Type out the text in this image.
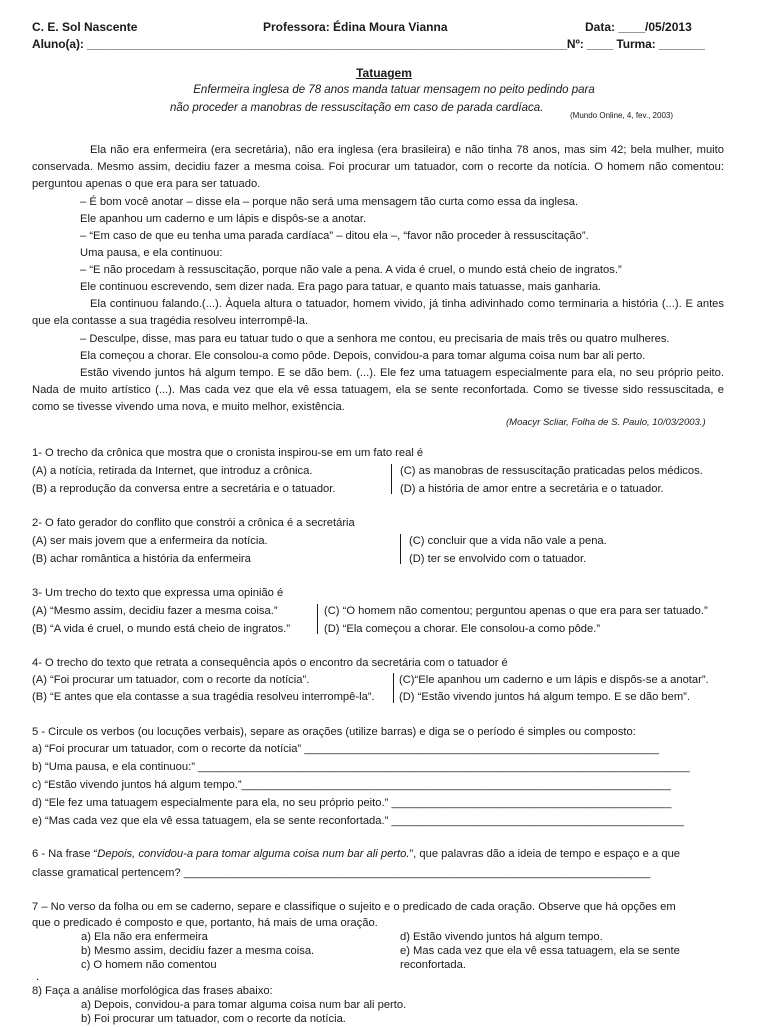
C. E. Sol Nascente	Professora: Édina Moura Vianna	Data: ____/05/2013
Aluno(a): _________________________________________________________________________Nº: ____ Turma: _______
Tatuagem
Enfermeira inglesa de 78 anos manda tatuar mensagem no peito pedindo para
não proceder a manobras de ressuscitação em caso de parada cardíaca.
(Mundo Online, 4, fev., 2003)
Ela não era enfermeira (era secretária), não era inglesa (era brasileira) e não tinha 78 anos, mas sim 42; bela mulher, muito conservada. Mesmo assim, decidiu fazer a mesma coisa. Foi procurar um tatuador, com o recorte da notícia. O homem não comentou: perguntou apenas o que era para ser tatuado.
– É bom você anotar – disse ela – porque não será uma mensagem tão curta como essa da inglesa.
Ele apanhou um caderno e um lápis e dispôs-se a anotar.
– “Em caso de que eu tenha uma parada cardíaca” – ditou ela –, “favor não proceder à ressuscitação”.
Uma pausa, e ela continuou:
– “E não procedam à ressuscitação, porque não vale a pena. A vida é cruel, o mundo está cheio de ingratos.”
Ele continuou escrevendo, sem dizer nada. Era pago para tatuar, e quanto mais tatuasse, mais ganharia.
Ela continuou falando.(...). Àquela altura o tatuador, homem vivido, já tinha adivinhado como terminaria a história (...). E antes que ela contasse a sua tragédia resolveu interrompê-la.
– Desculpe, disse, mas para eu tatuar tudo o que a senhora me contou, eu precisaria de mais três ou quatro mulheres.
Ela começou a chorar. Ele consolou-a como pôde. Depois, convidou-a para tomar alguma coisa num bar ali perto.
Estão vivendo juntos há algum tempo. E se dão bem. (...). Ele fez uma tatuagem especialmente para ela, no seu próprio peito. Nada de muito artístico (...). Mas cada vez que ela vê essa tatuagem, ela se sente reconfortada. Como se tivesse sido ressuscitada, e como se tivesse vivendo uma nova, e muito melhor, existência.
(Moacyr Scliar, Folha de S. Paulo, 10/03/2003.)
1- O trecho da crônica que mostra que o cronista inspirou-se em um fato real é
(A) a notícia, retirada da Internet, que introduz a crônica.
(B) a reprodução da conversa entre a secretária e o tatuador.
(C) as manobras de ressuscitação praticadas pelos médicos.
(D) a história de amor entre a secretária e o tatuador.
2- O fato gerador do conflito que constrói a crônica é a secretária
(A) ser mais jovem que a enfermeira da notícia.
(B) achar romântica a história da enfermeira
(C) concluir que a vida não vale a pena.
(D) ter se envolvido com o tatuador.
3- Um trecho do texto que expressa uma opinião é
(A) “Mesmo assim, decidiu fazer a mesma coisa.”
(B) “A vida é cruel, o mundo está cheio de ingratos.”
(C) “O homem não comentou; perguntou apenas o que era para ser tatuado.”
(D) “Ela começou a chorar. Ele consolou-a como pôde.”
4- O trecho do texto que retrata a consequência após o encontro da secretária com o tatuador é
(A) “Foi procurar um tatuador, com o recorte da notícia”.
(B) “E antes que ela contasse a sua tragédia resolveu interrompê-la”.
(C)“Ele apanhou um caderno e um lápis e dispôs-se a anotar”.
(D) “Estão vivendo juntos há algum tempo. E se dão bem”.
5 - Circule os verbos (ou locuções verbais), separe as orações (utilize barras) e diga se o período é simples ou composto:
a) “Foi procurar um tatuador, com o recorte da notícia” _________________________________________________________
b) “Uma pausa, e ela continuou:” _______________________________________________________________________________
c) “Estão vivendo juntos há algum tempo.”_____________________________________________________________________
d) “Ele fez uma tatuagem especialmente para ela, no seu próprio peito.” _____________________________________________
e) “Mas cada vez que ela vê essa tatuagem, ela se sente reconfortada.” _______________________________________________
6 - Na frase “Depois, convidou-a para tomar alguma coisa num bar ali perto.”, que palavras dão a ideia de tempo e espaço e a que
classe gramatical pertencem? ___________________________________________________________________________
7 – No verso da folha ou em se caderno, separe e classifique o sujeito e o predicado de cada oração. Observe que há opções em
que o predicado é composto e que, portanto, há mais de uma oração.
a) Ela não era enfermeira
b) Mesmo assim, decidiu fazer a mesma coisa.
c) O homem não comentou
d) Estão vivendo juntos há algum tempo.
e) Mas cada vez que ela vê essa tatuagem, ela se sente
reconfortada.
.
8) Faça a análise morfológica das frases abaixo:
a) Depois, convidou-a para tomar alguma coisa num bar ali perto.
b) Foi procurar um tatuador, com o recorte da notícia.
